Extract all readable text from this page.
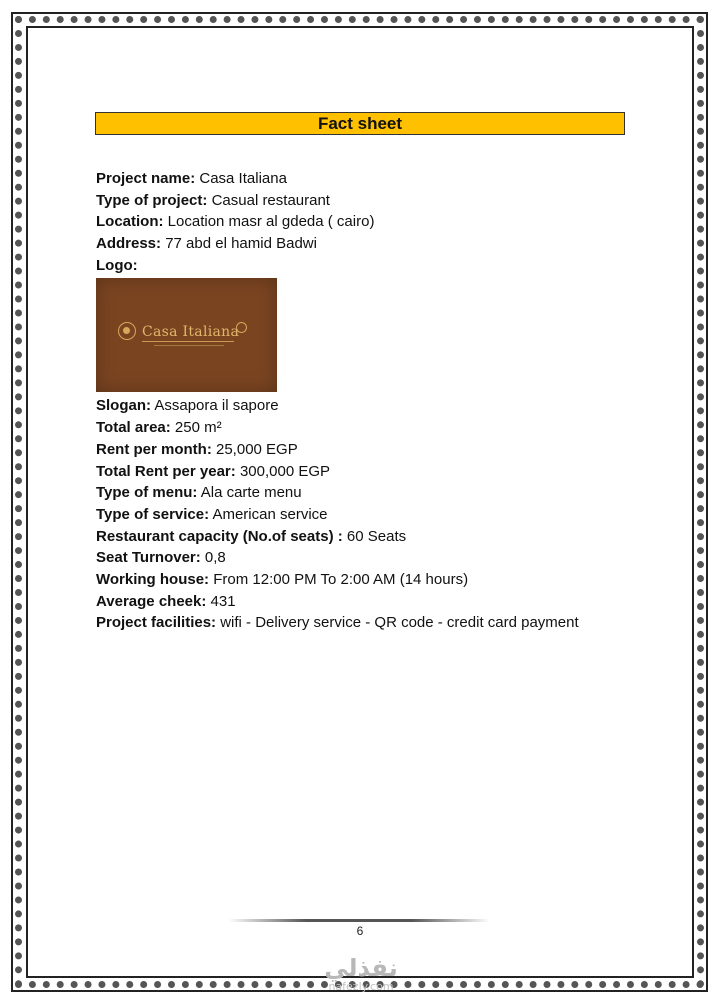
Fact sheet
Project name: Casa Italiana
Type of project: Casual restaurant
Location: Location masr al gdeda ( cairo)
Address: 77 abd el hamid Badwi
Logo:
Casa Italiana
Slogan: Assapora il sapore
Total area: 250 m²
Rent per month: 25,000 EGP
Total Rent per year: 300,000 EGP
Type of menu: Ala carte menu
Type of service: American service
Restaurant capacity (No.of seats) : 60 Seats
Seat Turnover: 0,8
Working house: From 12:00 PM To 2:00 AM (14 hours)
Average cheek: 431
Project facilities: wifi - Delivery service - QR code - credit card payment
6
نفذلي
nafezly.com
